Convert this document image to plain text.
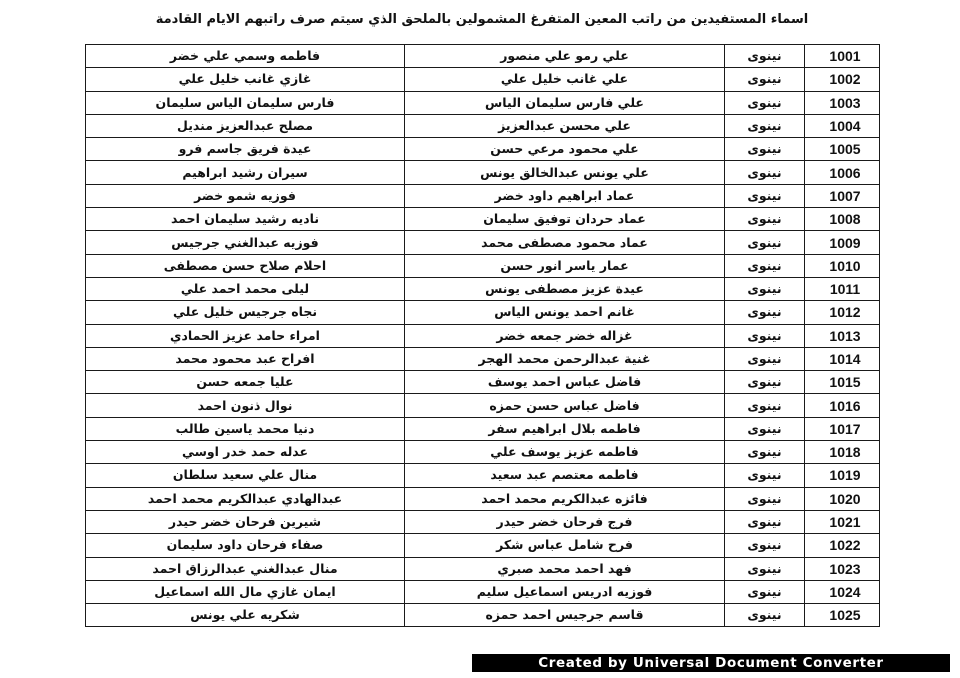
اسماء المستفيدين من راتب المعين المتفرغ المشمولين بالملحق الذي سيتم صرف راتبهم الايام القادمة
1001	نينوى	علي رمو علي منصور	فاطمه وسمي علي خضر
1002	نينوى	علي غانب خليل علي	غازي غانب خليل علي
1003	نينوى	علي فارس سليمان الياس	فارس سليمان الياس سليمان
1004	نينوى	علي محسن عبدالعزيز	مصلح عبدالعزيز منديل
1005	نينوى	علي محمود مرعي حسن	عيدة فريق جاسم فرو
1006	نينوى	علي يونس عبدالخالق يونس	سيران رشيد ابراهيم
1007	نينوى	عماد ابراهيم داود خضر	فوزيه شمو خضر
1008	نينوى	عماد حردان توفيق سليمان	ناديه رشيد سليمان احمد
1009	نينوى	عماد محمود مصطفى محمد	فوزيه عبدالغني جرجيس
1010	نينوى	عمار ياسر انور حسن	احلام صلاح حسن مصطفى
1011	نينوى	عيدة عزيز مصطفى يونس	ليلى محمد احمد علي
1012	نينوى	غانم احمد يونس الياس	نجاه جرجيس خليل علي
1013	نينوى	غزاله خضر جمعه خضر	امراء حامد عزيز الحمادي
1014	نينوى	غنية عبدالرحمن محمد الهجر	افراح عبد محمود محمد
1015	نينوى	فاضل عباس احمد يوسف	عليا جمعه حسن
1016	نينوى	فاضل عباس حسن حمزه	نوال ذنون احمد
1017	نينوى	فاطمه بلال ابراهيم سفر	دنيا محمد ياسين طالب
1018	نينوى	فاطمه عزيز يوسف علي	عدله حمد خدر اوسي
1019	نينوى	فاطمه معتصم عبد سعيد	منال علي سعيد سلطان
1020	نينوى	فائزه عبدالكريم محمد احمد	عبدالهادي عبدالكريم محمد احمد
1021	نينوى	فرج فرحان خضر حيدر	شيرين فرحان خضر حيدر
1022	نينوى	فرح شامل عباس شكر	صفاء فرحان داود سليمان
1023	نينوى	فهد احمد محمد صبري	منال عبدالغني عبدالرزاق احمد
1024	نينوى	فوزيه ادريس اسماعيل سليم	ايمان غازي مال الله اسماعيل
1025	نينوى	قاسم جرجيس احمد حمزه	شكريه علي يونس
Created by Universal Document Converter
